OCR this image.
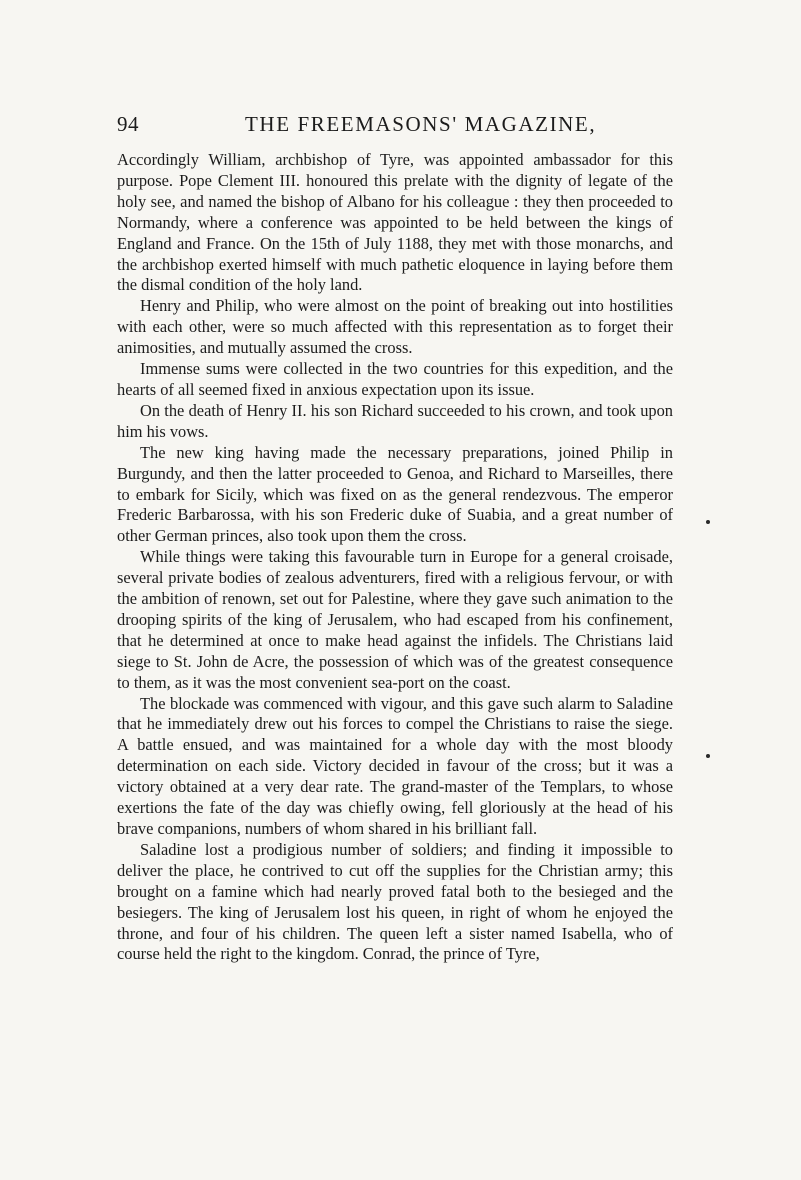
94	THE FREEMASONS' MAGAZINE,

Accordingly William, archbishop of Tyre, was appointed ambassador for this purpose. Pope Clement III. honoured this prelate with the dignity of legate of the holy see, and named the bishop of Albano for his colleague : they then proceeded to Normandy, where a conference was appointed to be held between the kings of England and France. On the 15th of July 1188, they met with those monarchs, and the archbishop exerted himself with much pathetic eloquence in laying before them the dismal condition of the holy land.

Henry and Philip, who were almost on the point of breaking out into hostilities with each other, were so much affected with this representation as to forget their animosities, and mutually assumed the cross.

Immense sums were collected in the two countries for this expedition, and the hearts of all seemed fixed in anxious expectation upon its issue.

On the death of Henry II. his son Richard succeeded to his crown, and took upon him his vows.

The new king having made the necessary preparations, joined Philip in Burgundy, and then the latter proceeded to Genoa, and Richard to Marseilles, there to embark for Sicily, which was fixed on as the general rendezvous. The emperor Frederic Barbarossa, with his son Frederic duke of Suabia, and a great number of other German princes, also took upon them the cross.

While things were taking this favourable turn in Europe for a general croisade, several private bodies of zealous adventurers, fired with a religious fervour, or with the ambition of renown, set out for Palestine, where they gave such animation to the drooping spirits of the king of Jerusalem, who had escaped from his confinement, that he determined at once to make head against the infidels. The Christians laid siege to St. John de Acre, the possession of which was of the greatest consequence to them, as it was the most convenient sea-port on the coast.

The blockade was commenced with vigour, and this gave such alarm to Saladine that he immediately drew out his forces to compel the Christians to raise the siege. A battle ensued, and was maintained for a whole day with the most bloody determination on each side. Victory decided in favour of the cross; but it was a victory obtained at a very dear rate. The grand-master of the Templars, to whose exertions the fate of the day was chiefly owing, fell gloriously at the head of his brave companions, numbers of whom shared in his brilliant fall.

Saladine lost a prodigious number of soldiers; and finding it impossible to deliver the place, he contrived to cut off the supplies for the Christian army; this brought on a famine which had nearly proved fatal both to the besieged and the besiegers. The king of Jerusalem lost his queen, in right of whom he enjoyed the throne, and four of his children. The queen left a sister named Isabella, who of course held the right to the kingdom. Conrad, the prince of Tyre,
